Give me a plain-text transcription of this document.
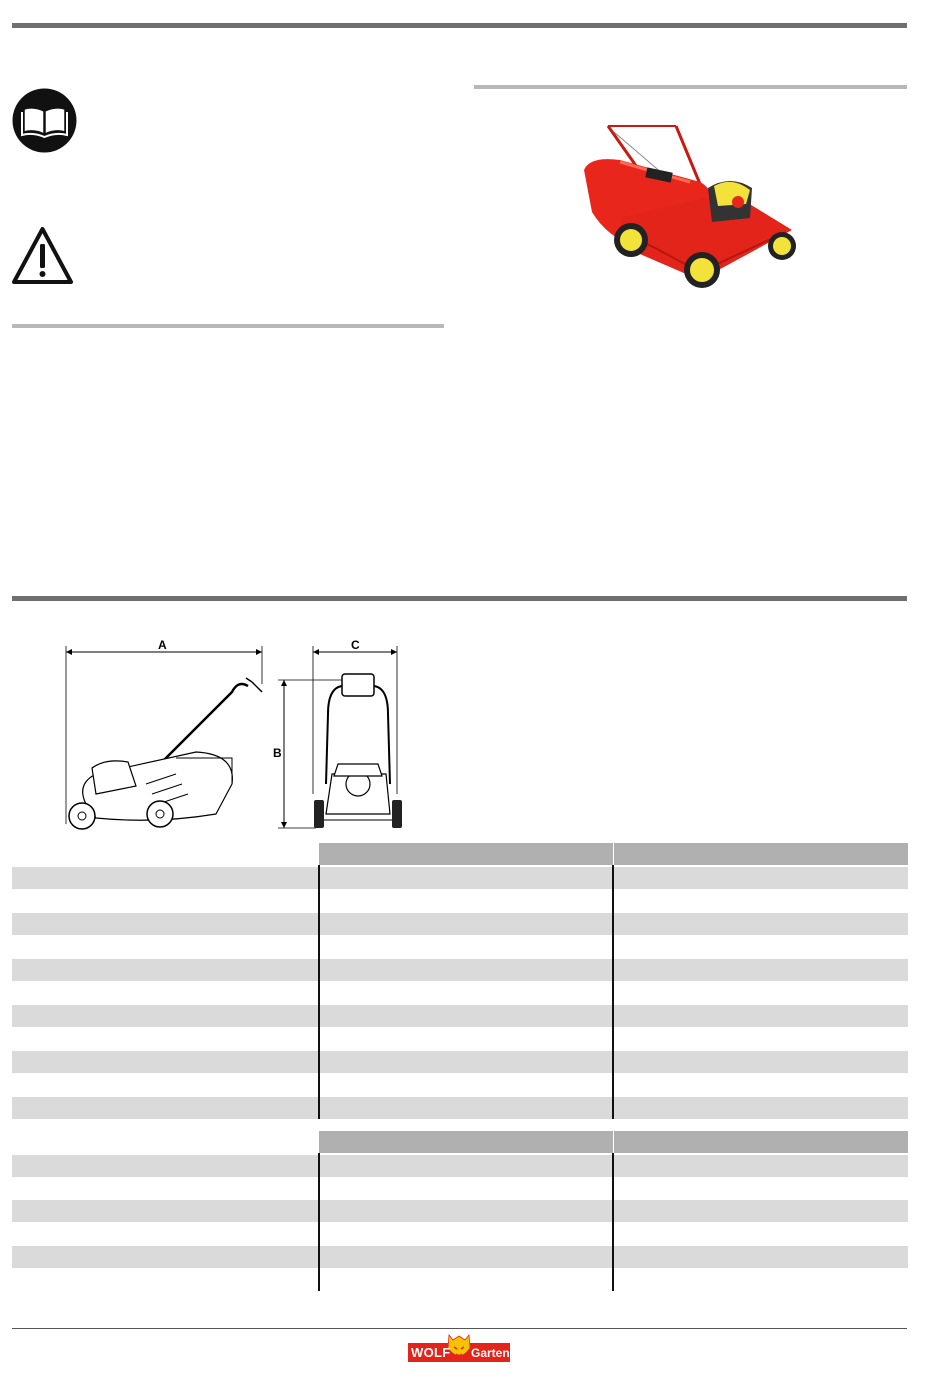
A	C
B
WOLF Garten
